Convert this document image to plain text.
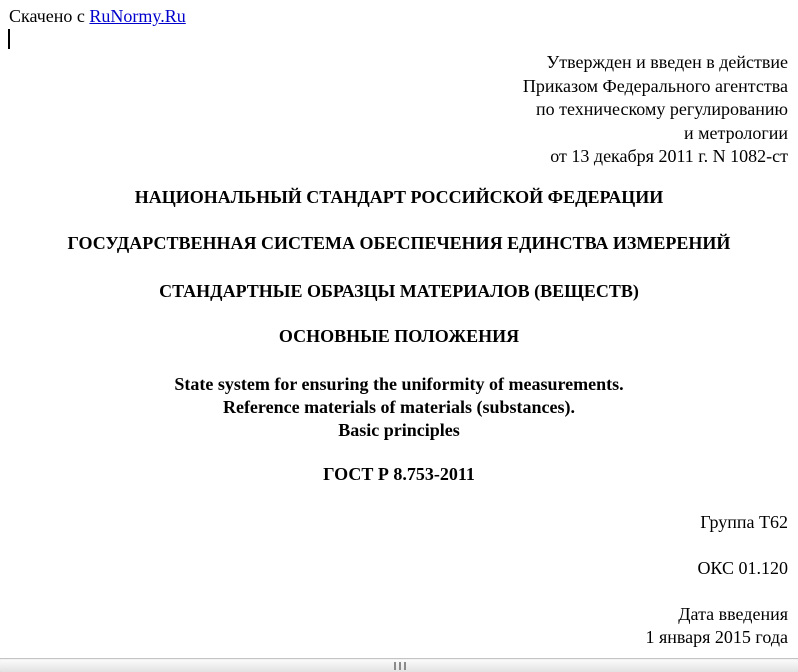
Скачено с RuNormy.Ru
Утвержден и введен в действие
Приказом Федерального агентства
по техническому регулированию
и метрологии
от 13 декабря 2011 г. N 1082-ст
НАЦИОНАЛЬНЫЙ СТАНДАРТ РОССИЙСКОЙ ФЕДЕРАЦИИ
ГОСУДАРСТВЕННАЯ СИСТЕМА ОБЕСПЕЧЕНИЯ ЕДИНСТВА ИЗМЕРЕНИЙ
СТАНДАРТНЫЕ ОБРАЗЦЫ МАТЕРИАЛОВ (ВЕЩЕСТВ)
ОСНОВНЫЕ ПОЛОЖЕНИЯ
State system for ensuring the uniformity of measurements.
Reference materials of materials (substances).
Basic principles
ГОСТ Р 8.753-2011
Группа Т62
ОКС 01.120
Дата введения
1 января 2015 года
